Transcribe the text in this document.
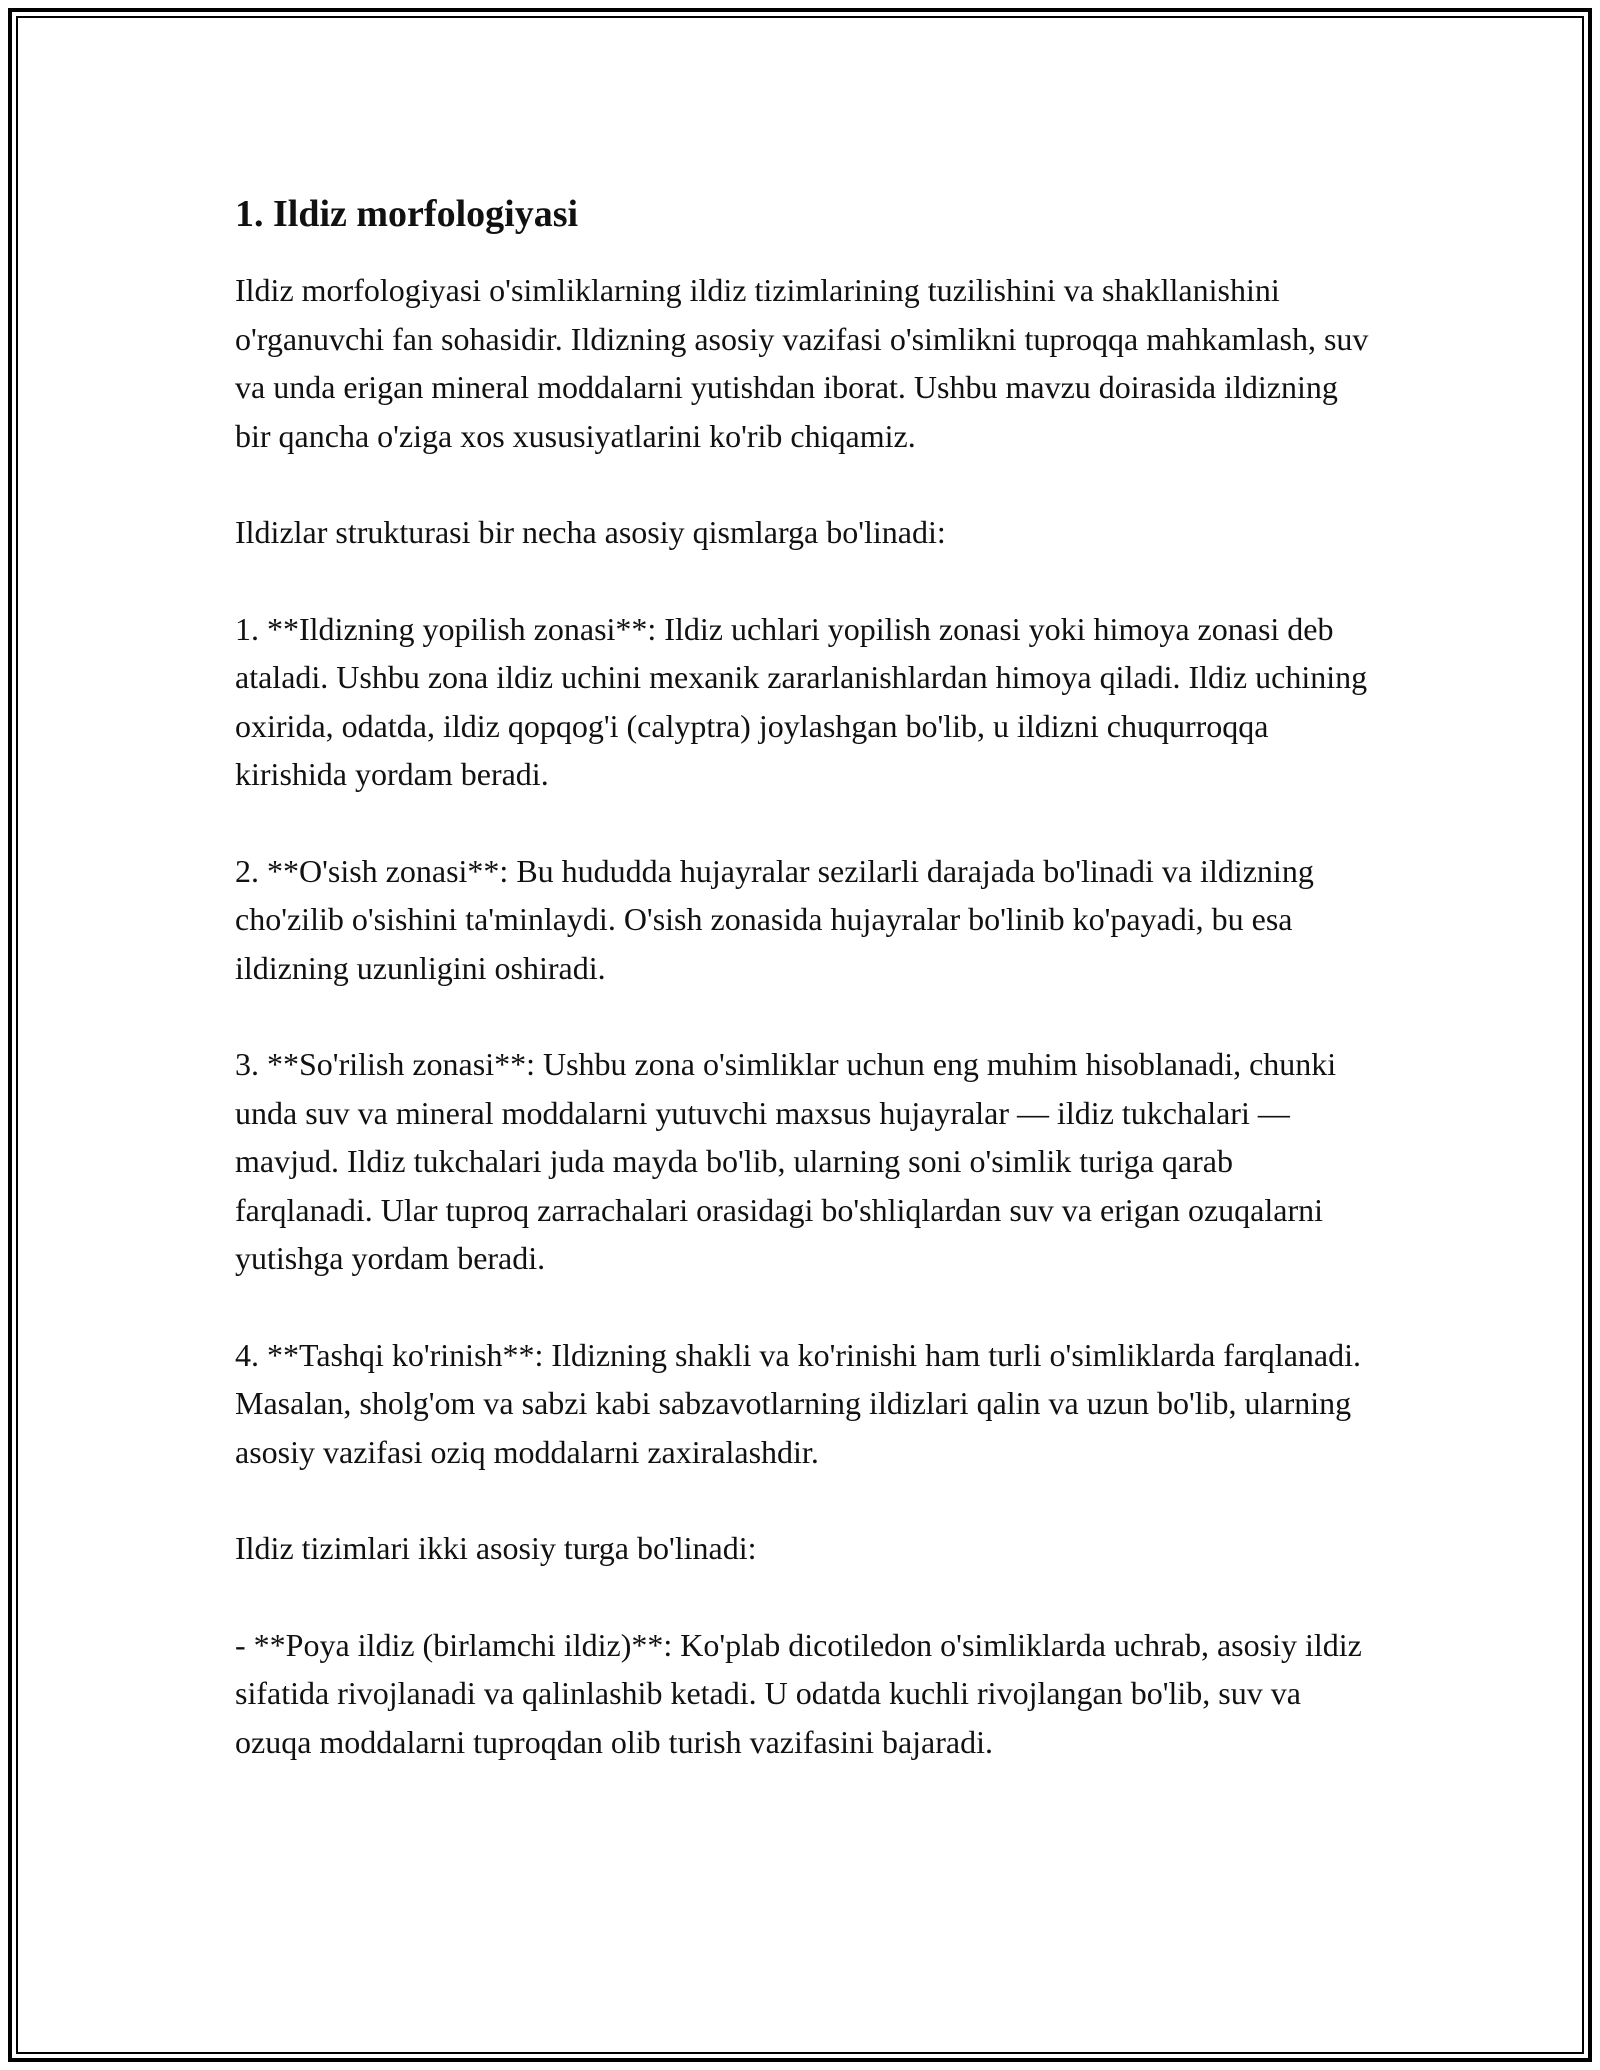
1. Ildiz morfologiyasi

Ildiz morfologiyasi o'simliklarning ildiz tizimlarining tuzilishini va shakllanishini o'rganuvchi fan sohasidir. Ildizning asosiy vazifasi o'simlikni tuproqqa mahkamlash, suv va unda erigan mineral moddalarni yutishdan iborat. Ushbu mavzu doirasida ildizning bir qancha o'ziga xos xususiyatlarini ko'rib chiqamiz.

Ildizlar strukturasi bir necha asosiy qismlarga bo'linadi:

1. **Ildizning yopilish zonasi**: Ildiz uchlari yopilish zonasi yoki himoya zonasi deb ataladi. Ushbu zona ildiz uchini mexanik zararlanishlardan himoya qiladi. Ildiz uchining oxirida, odatda, ildiz qopqog'i (calyptra) joylashgan bo'lib, u ildizni chuqurroqqa kirishida yordam beradi.

2. **O'sish zonasi**: Bu hududda hujayralar sezilarli darajada bo'linadi va ildizning cho'zilib o'sishini ta'minlaydi. O'sish zonasida hujayralar bo'linib ko'payadi, bu esa ildizning uzunligini oshiradi.

3. **So'rilish zonasi**: Ushbu zona o'simliklar uchun eng muhim hisoblanadi, chunki unda suv va mineral moddalarni yutuvchi maxsus hujayralar — ildiz tukchalari — mavjud. Ildiz tukchalari juda mayda bo'lib, ularning soni o'simlik turiga qarab farqlanadi. Ular tuproq zarrachalari orasidagi bo'shliqlardan suv va erigan ozuqalarni yutishga yordam beradi.

4. **Tashqi ko'rinish**: Ildizning shakli va ko'rinishi ham turli o'simliklarda farqlanadi. Masalan, sholg'om va sabzi kabi sabzavotlarning ildizlari qalin va uzun bo'lib, ularning asosiy vazifasi oziq moddalarni zaxiralashdir.

Ildiz tizimlari ikki asosiy turga bo'linadi:

- **Poya ildiz (birlamchi ildiz)**: Ko'plab dicotiledon o'simliklarda uchrab, asosiy ildiz sifatida rivojlanadi va qalinlashib ketadi. U odatda kuchli rivojlangan bo'lib, suv va ozuqa moddalarni tuproqdan olib turish vazifasini bajaradi.
